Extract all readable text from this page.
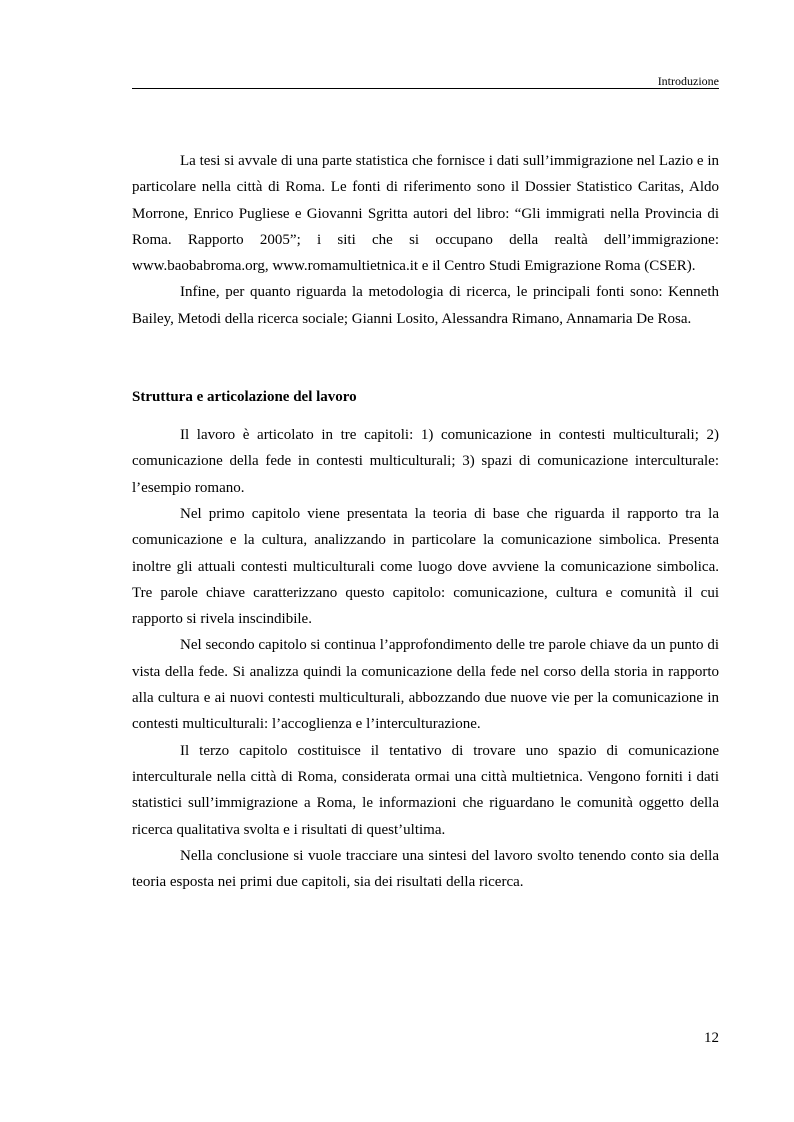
Introduzione

La tesi si avvale di una parte statistica che fornisce i dati sull’immigrazione nel Lazio e in particolare nella città di Roma. Le fonti di riferimento sono il Dossier Statistico Caritas, Aldo Morrone, Enrico Pugliese e Giovanni Sgritta autori del libro: “Gli immigrati nella Provincia di Roma. Rapporto 2005”; i siti che si occupano della realtà dell’immigrazione: www.baobabroma.org, www.romamultietnica.it e il Centro Studi Emigrazione Roma (CSER).

Infine, per quanto riguarda la metodologia di ricerca, le principali fonti sono: Kenneth Bailey, Metodi della ricerca sociale; Gianni Losito, Alessandra Rimano, Annamaria De Rosa.

Struttura e articolazione del lavoro

Il lavoro è articolato in tre capitoli: 1) comunicazione in contesti multiculturali; 2) comunicazione della fede in contesti multiculturali; 3) spazi di comunicazione interculturale: l’esempio romano.

Nel primo capitolo viene presentata la teoria di base che riguarda il rapporto tra la comunicazione e la cultura, analizzando in particolare la comunicazione simbolica. Presenta inoltre gli attuali contesti multiculturali come luogo dove avviene la comunicazione simbolica. Tre parole chiave caratterizzano questo capitolo: comunicazione, cultura e comunità il cui rapporto si rivela inscindibile.

Nel secondo capitolo si continua l’approfondimento delle tre parole chiave da un punto di vista della fede. Si analizza quindi la comunicazione della fede nel corso della storia in rapporto alla cultura e ai nuovi contesti multiculturali, abbozzando due nuove vie per la comunicazione in contesti multiculturali: l’accoglienza e l’interculturazione.

Il terzo capitolo costituisce il tentativo di trovare uno spazio di comunicazione interculturale nella città di Roma, considerata ormai una città multietnica. Vengono forniti i dati statistici sull’immigrazione a Roma, le informazioni che riguardano le comunità oggetto della ricerca qualitativa svolta e i risultati di quest’ultima.

Nella conclusione si vuole tracciare una sintesi del lavoro svolto tenendo conto sia della teoria esposta nei primi due capitoli, sia dei risultati della ricerca.

12
